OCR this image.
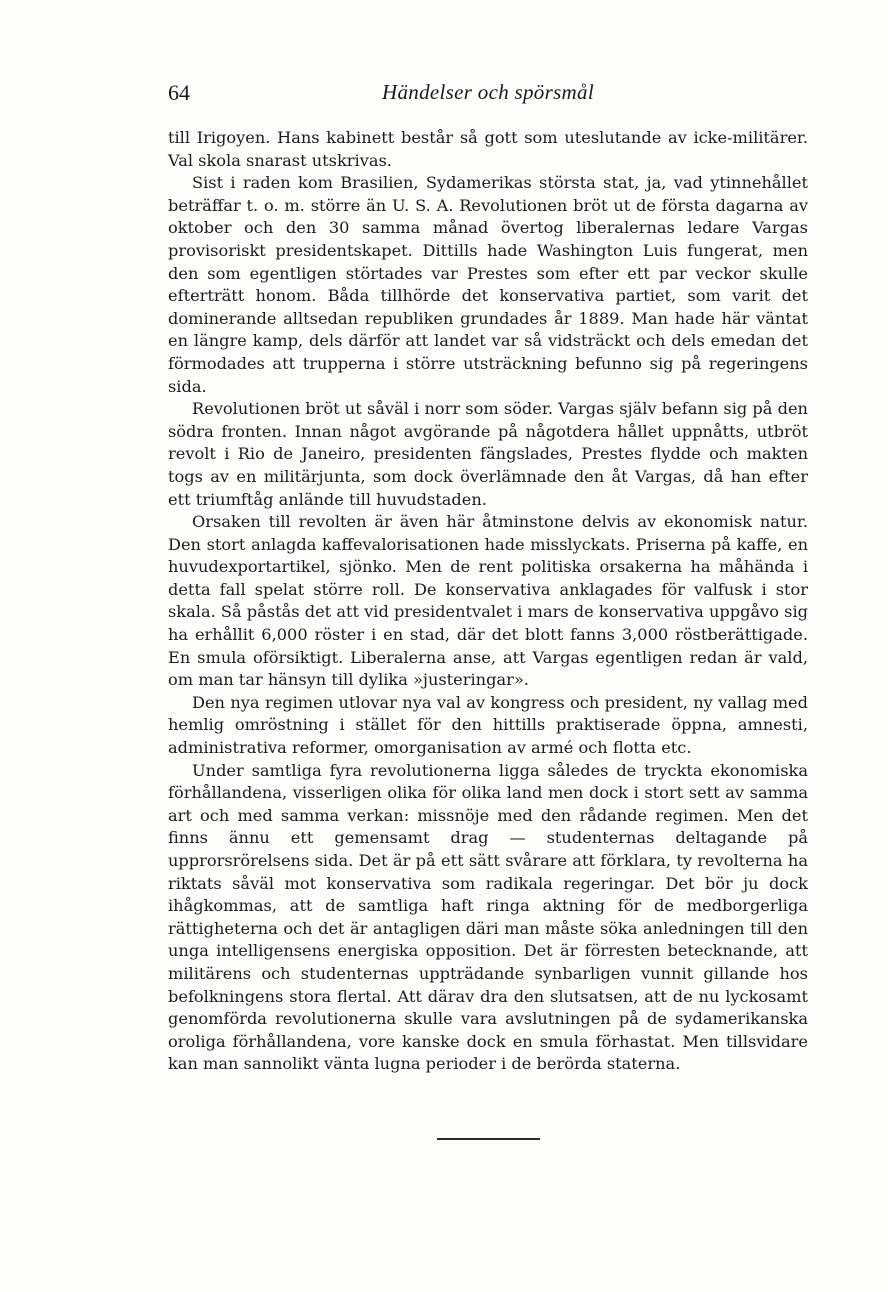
64	Händelser och spörsmål

till Irigoyen. Hans kabinett består så gott som uteslutande av icke-militärer. Val skola snarast utskrivas.

Sist i raden kom Brasilien, Sydamerikas största stat, ja, vad ytinnehållet beträffar t. o. m. större än U. S. A. Revolutionen bröt ut de första dagarna av oktober och den 30 samma månad övertog liberalernas ledare Vargas provisoriskt presidentskapet. Dittills hade Washington Luis fungerat, men den som egentligen störtades var Prestes som efter ett par veckor skulle efterträtt honom. Båda tillhörde det konservativa partiet, som varit det dominerande alltsedan republiken grundades år 1889. Man hade här väntat en längre kamp, dels därför att landet var så vidsträckt och dels emedan det förmodades att trupperna i större utsträckning befunno sig på regeringens sida.

Revolutionen bröt ut såväl i norr som söder. Vargas själv befann sig på den södra fronten. Innan något avgörande på någotdera hållet uppnåtts, utbröt revolt i Rio de Janeiro, presidenten fängslades, Prestes flydde och makten togs av en militärjunta, som dock överlämnade den åt Vargas, då han efter ett triumftåg anlände till huvudstaden.

Orsaken till revolten är även här åtminstone delvis av ekonomisk natur. Den stort anlagda kaffevalorisationen hade misslyckats. Priserna på kaffe, en huvudexportartikel, sjönko. Men de rent politiska orsakerna ha måhända i detta fall spelat större roll. De konservativa anklagades för valfusk i stor skala. Så påstås det att vid presidentvalet i mars de konservativa uppgåvo sig ha erhållit 6,000 röster i en stad, där det blott fanns 3,000 röstberättigade. En smula oförsiktigt. Liberalerna anse, att Vargas egentligen redan är vald, om man tar hänsyn till dylika »justeringar».

Den nya regimen utlovar nya val av kongress och president, ny vallag med hemlig omröstning i stället för den hittills praktiserade öppna, amnesti, administrativa reformer, omorganisation av armé och flotta etc.

Under samtliga fyra revolutionerna ligga således de tryckta ekonomiska förhållandena, visserligen olika för olika land men dock i stort sett av samma art och med samma verkan: missnöje med den rådande regimen. Men det finns ännu ett gemensamt drag — studenternas deltagande på upprorsrörelsens sida. Det är på ett sätt svårare att förklara, ty revolterna ha riktats såväl mot konservativa som radikala regeringar. Det bör ju dock ihågkommas, att de samtliga haft ringa aktning för de medborgerliga rättigheterna och det är antagligen däri man måste söka anledningen till den unga intelligensens energiska opposition. Det är förresten betecknande, att militärens och studenternas uppträdande synbarligen vunnit gillande hos befolkningens stora flertal. Att därav dra den slutsatsen, att de nu lyckosamt genomförda revolutionerna skulle vara avslutningen på de sydamerikanska oroliga förhållandena, vore kanske dock en smula förhastat. Men tillsvidare kan man sannolikt vänta lugna perioder i de berörda staterna.
